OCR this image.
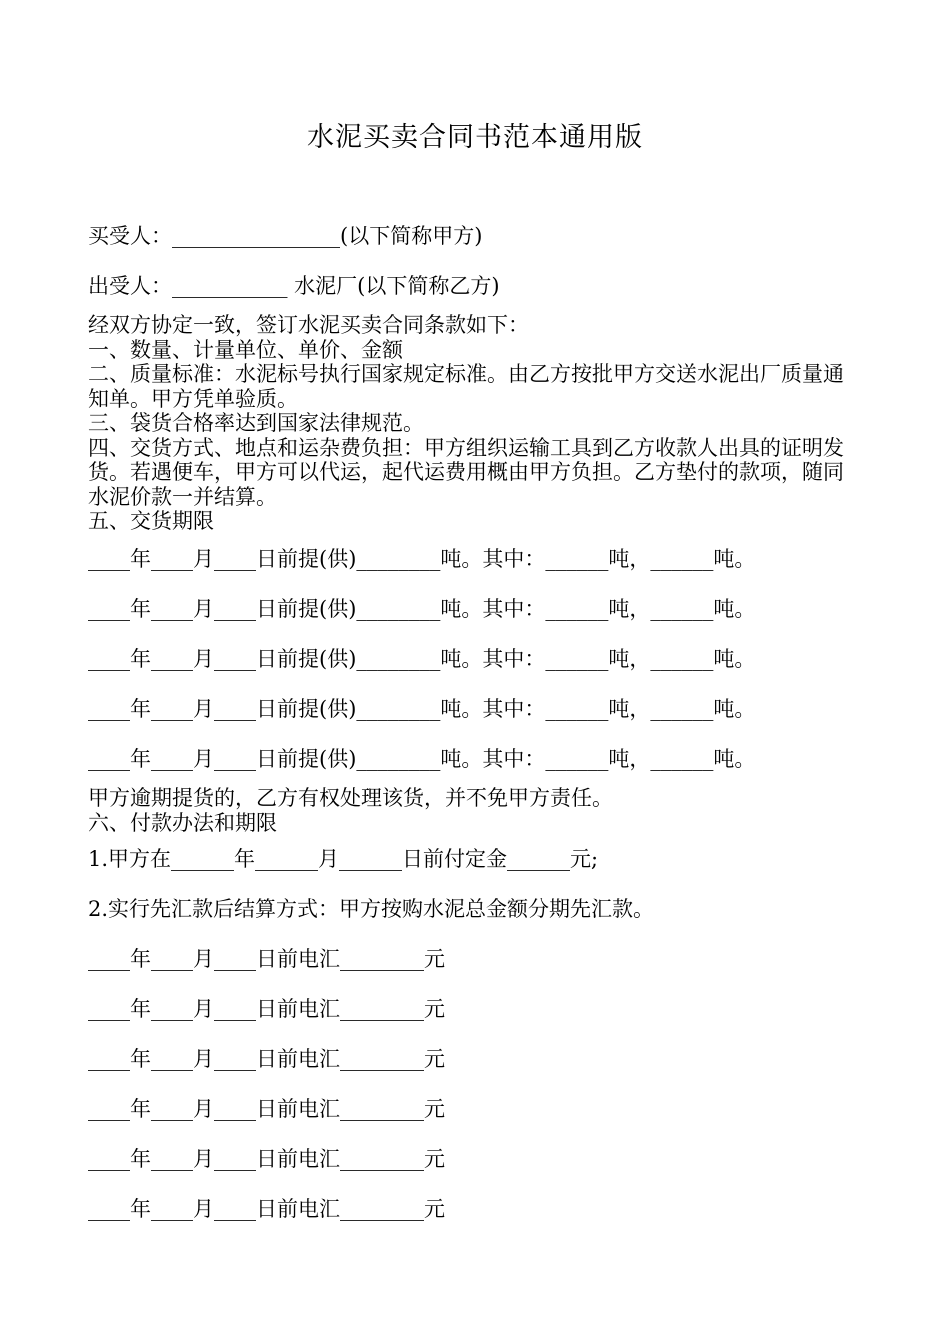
水泥买卖合同书范本通用版
买受人：________________(以下简称甲方)
出受人：___________ 水泥厂(以下简称乙方)
经双方协定一致，签订水泥买卖合同条款如下：
一、数量、计量单位、单价、金额
二、质量标准：水泥标号执行国家规定标准。由乙方按批甲方交送水泥出厂质量通知单。甲方凭单验质。
三、袋货合格率达到国家法律规范。
四、交货方式、地点和运杂费负担：甲方组织运输工具到乙方收款人出具的证明发货。若遇便车，甲方可以代运，起代运费用概由甲方负担。乙方垫付的款项，随同水泥价款一并结算。
五、交货期限
____年____月____日前提(供)________吨。其中：______吨，______吨。
____年____月____日前提(供)________吨。其中：______吨，______吨。
____年____月____日前提(供)________吨。其中：______吨，______吨。
____年____月____日前提(供)________吨。其中：______吨，______吨。
____年____月____日前提(供)________吨。其中：______吨，______吨。
甲方逾期提货的，乙方有权处理该货，并不免甲方责任。
六、付款办法和期限
1.甲方在______年______月______日前付定金______元;
2.实行先汇款后结算方式：甲方按购水泥总金额分期先汇款。
____年____月____日前电汇________元
____年____月____日前电汇________元
____年____月____日前电汇________元
____年____月____日前电汇________元
____年____月____日前电汇________元
____年____月____日前电汇________元
